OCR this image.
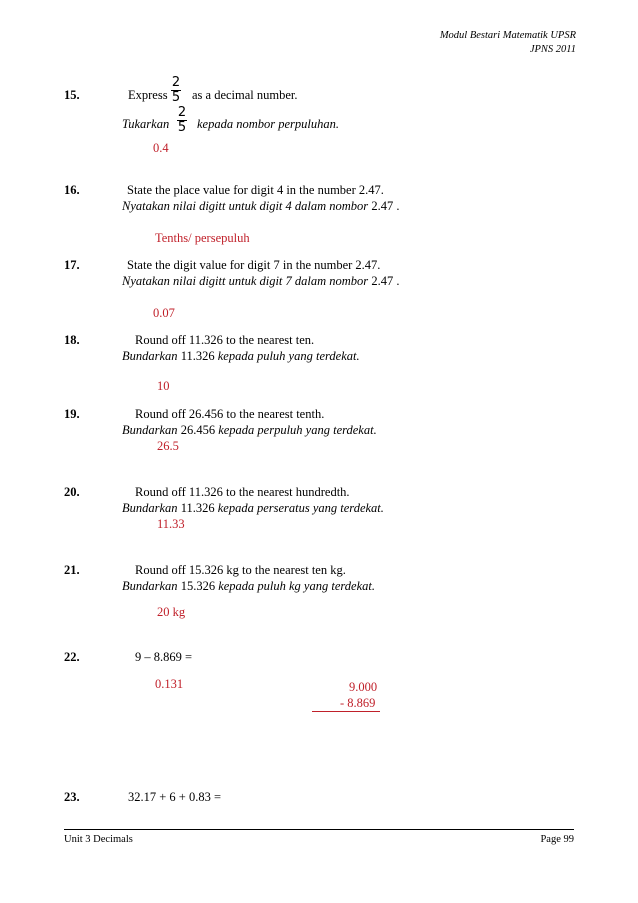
Modul Bestari Matematik UPSR
JPNS 2011
15.	Express
2
5 as a decimal number.
Tukarkan
2
5 kepada nombor perpuluhan.
0.4
16.	State the place value for digit 4 in the number 2.47.
Nyatakan nilai digitt untuk digit 4 dalam nombor 2.47 .
Tenths/ persepuluh
17.	State the digit value for digit 7 in the number 2.47.
Nyatakan nilai digitt untuk digit 7 dalam nombor 2.47 .
0.07
18.	Round off 11.326 to the nearest ten.
Bundarkan 11.326 kepada puluh yang terdekat.
10
19.	Round off 26.456 to the nearest tenth.
Bundarkan 26.456 kepada perpuluh yang terdekat.
26.5
20.	Round off 11.326 to the nearest hundredth.
Bundarkan 11.326 kepada perseratus yang terdekat.
11.33
21.	Round off 15.326 kg to the nearest ten kg.
Bundarkan 15.326 kepada puluh kg yang terdekat.
20 kg
22.	9 – 8.869 =
0.131	9.000
- 8.869
23.	32.17 + 6 + 0.83 =
Unit 3 Decimals	Page 99
